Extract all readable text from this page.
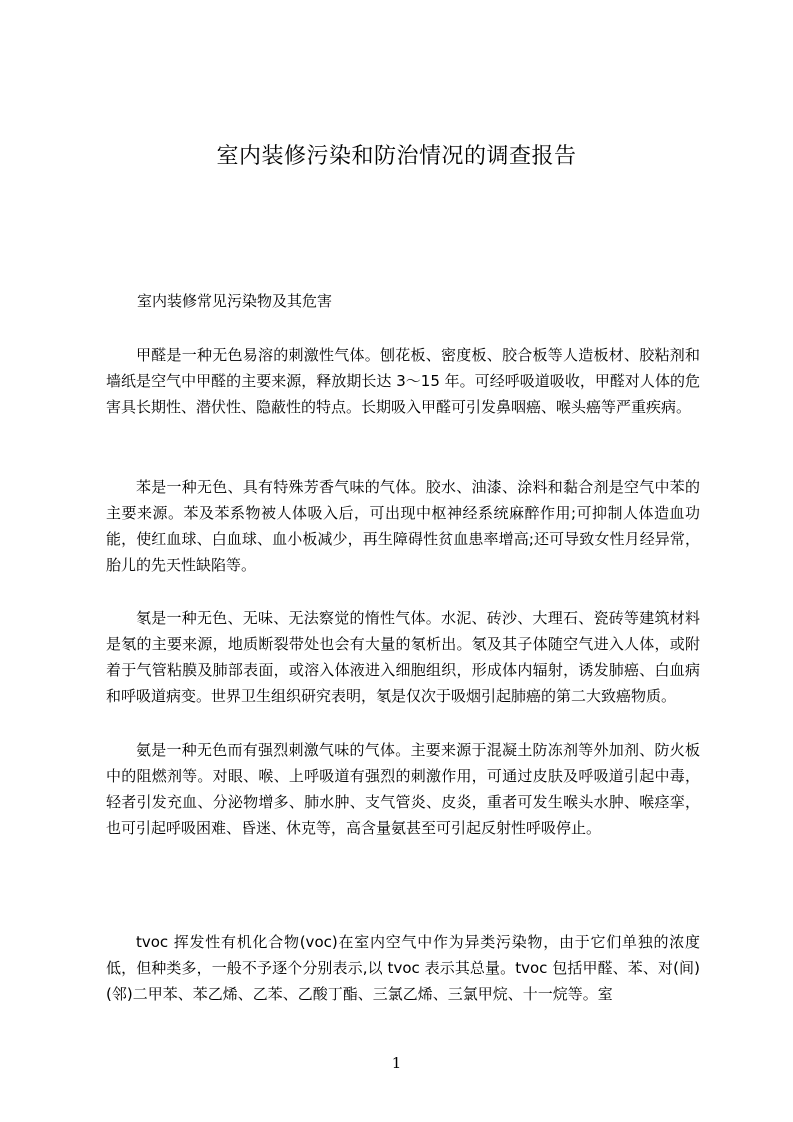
室内装修污染和防治情况的调查报告

室内装修常见污染物及其危害

甲醛是一种无色易溶的刺激性气体。刨花板、密度板、胶合板等人造板材、胶粘剂和墙纸是空气中甲醛的主要来源，释放期长达 3～15 年。可经呼吸道吸收，甲醛对人体的危害具长期性、潜伏性、隐蔽性的特点。长期吸入甲醛可引发鼻咽癌、喉头癌等严重疾病。

苯是一种无色、具有特殊芳香气味的气体。胶水、油漆、涂料和黏合剂是空气中苯的主要来源。苯及苯系物被人体吸入后，可出现中枢神经系统麻醉作用;可抑制人体造血功能，使红血球、白血球、血小板减少，再生障碍性贫血患率增高;还可导致女性月经异常，胎儿的先天性缺陷等。

氡是一种无色、无味、无法察觉的惰性气体。水泥、砖沙、大理石、瓷砖等建筑材料是氡的主要来源，地质断裂带处也会有大量的氡析出。氡及其子体随空气进入人体，或附着于气管粘膜及肺部表面，或溶入体液进入细胞组织，形成体内辐射，诱发肺癌、白血病和呼吸道病变。世界卫生组织研究表明，氡是仅次于吸烟引起肺癌的第二大致癌物质。

氨是一种无色而有强烈刺激气味的气体。主要来源于混凝土防冻剂等外加剂、防火板中的阻燃剂等。对眼、喉、上呼吸道有强烈的刺激作用，可通过皮肤及呼吸道引起中毒，轻者引发充血、分泌物增多、肺水肿、支气管炎、皮炎，重者可发生喉头水肿、喉痉挛，也可引起呼吸困难、昏迷、休克等，高含量氨甚至可引起反射性呼吸停止。

tvoc 挥发性有机化合物(voc)在室内空气中作为异类污染物，由于它们单独的浓度低，但种类多，一般不予逐个分别表示,以 tvoc 表示其总量。tvoc 包括甲醛、苯、对(间)(邻)二甲苯、苯乙烯、乙苯、乙酸丁酯、三氯乙烯、三氯甲烷、十一烷等。室

1
